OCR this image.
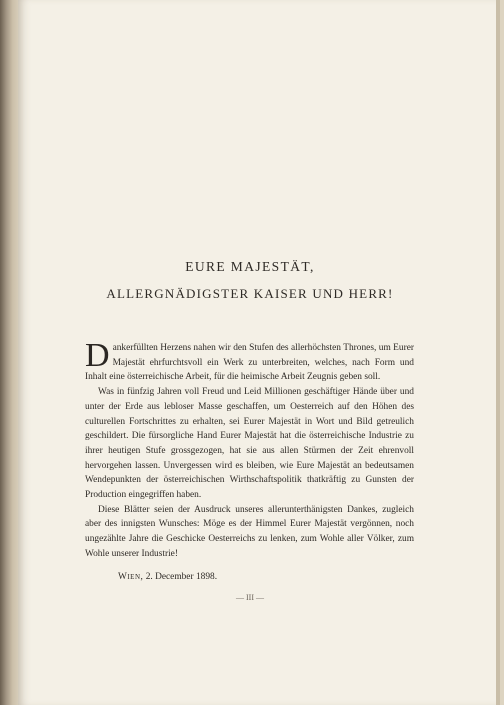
EURE MAJESTÄT,
ALLERGNÄDIGSTER KAISER UND HERR!

Dankerfüllten Herzens nahen wir den Stufen des allerhöchsten Thrones, um Eurer Majestät ehrfurchtsvoll ein Werk zu unterbreiten, welches, nach Form und Inhalt eine österreichische Arbeit, für die heimische Arbeit Zeugnis geben soll.

Was in fünfzig Jahren voll Freud und Leid Millionen geschäftiger Hände über und unter der Erde aus lebloser Masse geschaffen, um Oesterreich auf den Höhen des culturellen Fortschrittes zu erhalten, sei Eurer Majestät in Wort und Bild getreulich geschildert. Die fürsorgliche Hand Eurer Majestät hat die österreichische Industrie zu ihrer heutigen Stufe grossgezogen, hat sie aus allen Stürmen der Zeit ehrenvoll hervorgehen lassen. Unvergessen wird es bleiben, wie Eure Majestät an bedeutsamen Wendepunkten der österreichischen Wirthschaftspolitik thatkräftig zu Gunsten der Production eingegriffen haben.

Diese Blätter seien der Ausdruck unseres allerunterthänigsten Dankes, zugleich aber des innigsten Wunsches: Möge es der Himmel Eurer Majestät vergönnen, noch ungezählte Jahre die Geschicke Oesterreichs zu lenken, zum Wohle aller Völker, zum Wohle unserer Industrie!

Wien, 2. December 1898.
— III —
